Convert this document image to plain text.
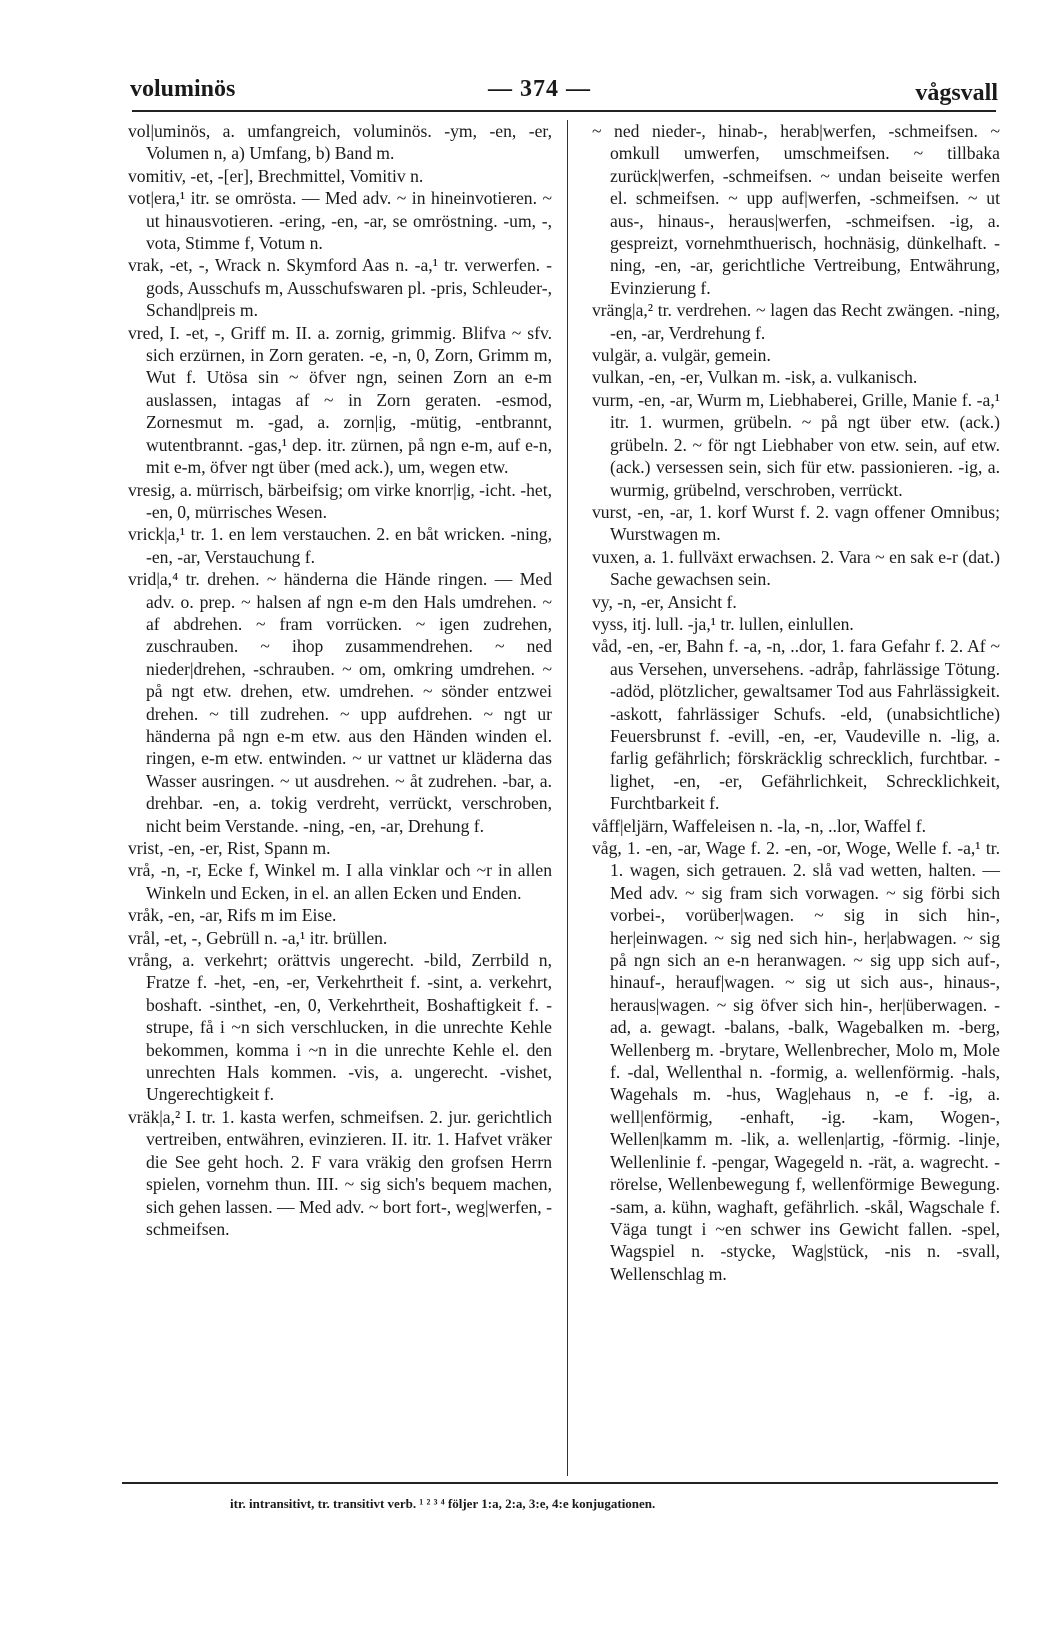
voluminös	— 374 —	vågsvall

vol|uminös, a. umfangreich, voluminös. -ym, -en, -er, Volumen n, a) Umfang, b) Band m.

vomitiv, -et, -[er], Brechmittel, Vomitiv n.

vot|era,¹ itr. se omrösta. — Med adv. ~ in hineinvotieren. ~ ut hinausvotieren. -ering, -en, -ar, se omröstning. -um, -, vota, Stimme f, Votum n.

vrak, -et, -, Wrack n. Skymford Aas n. -a,¹ tr. verwerfen. -gods, Ausschufs m, Ausschufswaren pl. -pris, Schleuder-, Schand|preis m.

vred, I. -et, -, Griff m. II. a. zornig, grimmig. Blifva ~ sfv. sich erzürnen, in Zorn geraten. -e, -n, 0, Zorn, Grimm m, Wut f. Utösa sin ~ öfver ngn, seinen Zorn an e-m auslassen, intagas af ~ in Zorn geraten. -esmod, Zornesmut m. -gad, a. zorn|ig, -mütig, -entbrannt, wutentbrannt. -gas,¹ dep. itr. zürnen, på ngn e-m, auf e-n, mit e-m, öfver ngt über (med ack.), um, wegen etw.

vresig, a. mürrisch, bärbeifsig; om virke knorr|ig, -icht. -het, -en, 0, mürrisches Wesen.

vrick|a,¹ tr. 1. en lem verstauchen. 2. en båt wricken. -ning, -en, -ar, Verstauchung f.

vrid|a,⁴ tr. drehen. ~ händerna die Hände ringen. — Med adv. o. prep. ~ halsen af ngn e-m den Hals umdrehen. ~ af abdrehen. ~ fram vorrücken. ~ igen zudrehen, zuschrauben. ~ ihop zusammendrehen. ~ ned nieder|drehen, -schrauben. ~ om, omkring umdrehen. ~ på ngt etw. drehen, etw. umdrehen. ~ sönder entzwei drehen. ~ till zudrehen. ~ upp aufdrehen. ~ ngt ur händerna på ngn e-m etw. aus den Händen winden el. ringen, e-m etw. entwinden. ~ ur vattnet ur kläderna das Wasser ausringen. ~ ut ausdrehen. ~ åt zudrehen. -bar, a. drehbar. -en, a. tokig verdreht, verrückt, verschroben, nicht beim Verstande. -ning, -en, -ar, Drehung f.

vrist, -en, -er, Rist, Spann m.

vrå, -n, -r, Ecke f, Winkel m. I alla vinklar och ~r in allen Winkeln und Ecken, in el. an allen Ecken und Enden.

vråk, -en, -ar, Rifs m im Eise.

vrål, -et, -, Gebrüll n. -a,¹ itr. brüllen.

vrång, a. verkehrt; orättvis ungerecht. -bild, Zerrbild n, Fratze f. -het, -en, -er, Verkehrtheit f. -sint, a. verkehrt, boshaft. -sinthet, -en, 0, Verkehrtheit, Boshaftigkeit f. -strupe, få i ~n sich verschlucken, in die unrechte Kehle bekommen, komma i ~n in die unrechte Kehle el. den unrechten Hals kommen. -vis, a. ungerecht. -vishet, Ungerechtigkeit f.

vräk|a,² I. tr. 1. kasta werfen, schmeifsen. 2. jur. gerichtlich vertreiben, entwähren, evinzieren. II. itr. 1. Hafvet vräker die See geht hoch. 2. F vara vräkig den grofsen Herrn spielen, vornehm thun. III. ~ sig sich's bequem machen, sich gehen lassen. — Med adv. ~ bort fort-, weg|werfen, -schmeifsen.

~ ned nieder-, hinab-, herab|werfen, -schmeifsen. ~ omkull umwerfen, umschmeifsen. ~ tillbaka zurück|werfen, -schmeifsen. ~ undan beiseite werfen el. schmeifsen. ~ upp auf|werfen, -schmeifsen. ~ ut aus-, hinaus-, heraus|werfen, -schmeifsen. -ig, a. gespreizt, vornehmthuerisch, hochnäsig, dünkelhaft. -ning, -en, -ar, gerichtliche Vertreibung, Entwährung, Evinzierung f.

vräng|a,² tr. verdrehen. ~ lagen das Recht zwängen. -ning, -en, -ar, Verdrehung f.

vulgär, a. vulgär, gemein.

vulkan, -en, -er, Vulkan m. -isk, a. vulkanisch.

vurm, -en, -ar, Wurm m, Liebhaberei, Grille, Manie f. -a,¹ itr. 1. wurmen, grübeln. ~ på ngt über etw. (ack.) grübeln. 2. ~ för ngt Liebhaber von etw. sein, auf etw. (ack.) versessen sein, sich für etw. passionieren. -ig, a. wurmig, grübelnd, verschroben, verrückt.

vurst, -en, -ar, 1. korf Wurst f. 2. vagn offener Omnibus; Wurstwagen m.

vuxen, a. 1. fullväxt erwachsen. 2. Vara ~ en sak e-r (dat.) Sache gewachsen sein.

vy, -n, -er, Ansicht f.

vyss, itj. lull. -ja,¹ tr. lullen, einlullen.

våd, -en, -er, Bahn f. -a, -n, ..dor, 1. fara Gefahr f. 2. Af ~ aus Versehen, unversehens. -adråp, fahrlässige Tötung. -adöd, plötzlicher, gewaltsamer Tod aus Fahrlässigkeit. -askott, fahrlässiger Schufs. -eld, (unabsichtliche) Feuersbrunst f. -evill, -en, -er, Vaudeville n. -lig, a. farlig gefährlich; förskräcklig schrecklich, furchtbar. -lighet, -en, -er, Gefährlichkeit, Schrecklichkeit, Furchtbarkeit f.

våff|eljärn, Waffeleisen n. -la, -n, ..lor, Waffel f.

våg, 1. -en, -ar, Wage f. 2. -en, -or, Woge, Welle f. -a,¹ tr. 1. wagen, sich getrauen. 2. slå vad wetten, halten. — Med adv. ~ sig fram sich vorwagen. ~ sig förbi sich vorbei-, vorüber|wagen. ~ sig in sich hin-, her|einwagen. ~ sig ned sich hin-, her|abwagen. ~ sig på ngn sich an e-n heranwagen. ~ sig upp sich auf-, hinauf-, herauf|wagen. ~ sig ut sich aus-, hinaus-, heraus|wagen. ~ sig öfver sich hin-, her|überwagen. -ad, a. gewagt. -balans, -balk, Wagebalken m. -berg, Wellenberg m. -brytare, Wellenbrecher, Molo m, Mole f. -dal, Wellenthal n. -formig, a. wellenförmig. -hals, Wagehals m. -hus, Wag|ehaus n, -e f. -ig, a. well|enförmig, -enhaft, -ig. -kam, Wogen-, Wellen|kamm m. -lik, a. wellen|artig, -förmig. -linje, Wellenlinie f. -pengar, Wagegeld n. -rät, a. wagrecht. -rörelse, Wellenbewegung f, wellenförmige Bewegung. -sam, a. kühn, waghaft, gefährlich. -skål, Wagschale f. Väga tungt i ~en schwer ins Gewicht fallen. -spel, Wagspiel n. -stycke, Wag|stück, -nis n. -svall, Wellenschlag m.

itr. intransitivt, tr. transitivt verb. ¹ ² ³ ⁴ följer 1:a, 2:a, 3:e, 4:e konjugationen.
